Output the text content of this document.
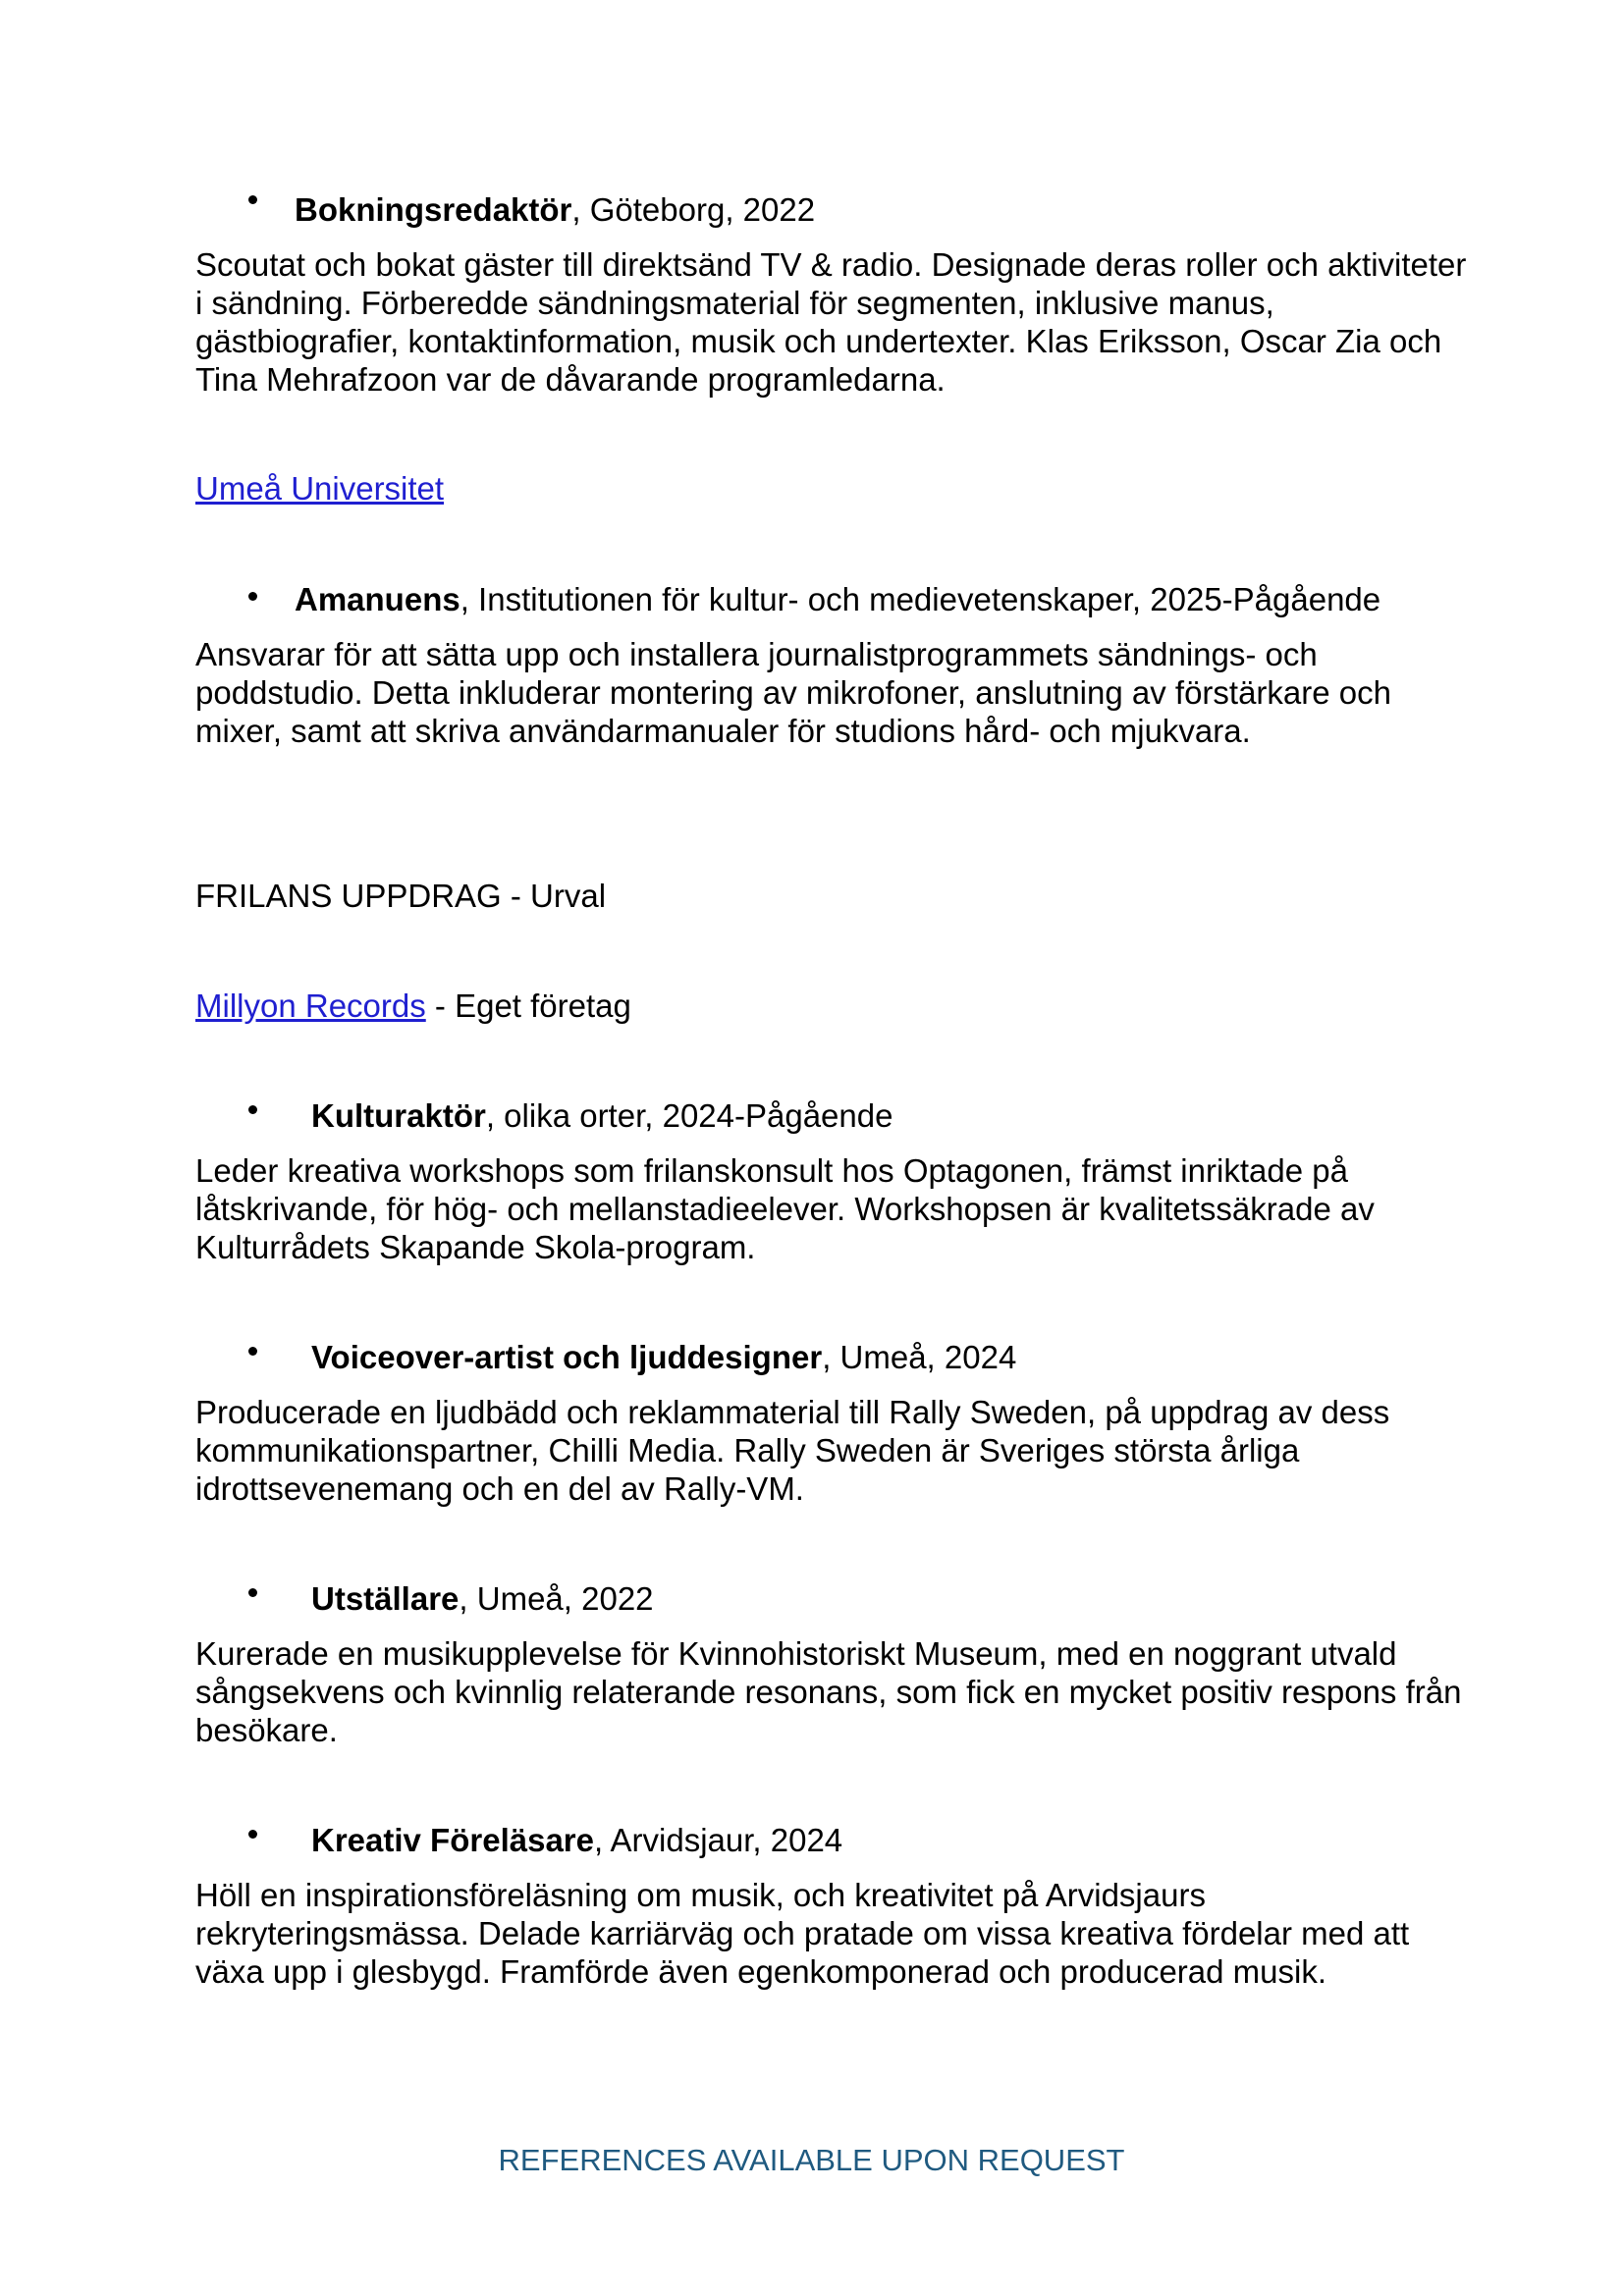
Bokningsredaktör, Göteborg, 2022
Scoutat och bokat gäster till direktsänd TV & radio. Designade deras roller och aktiviteter i sändning. Förberedde sändningsmaterial för segmenten, inklusive manus, gästbiografier, kontaktinformation, musik och undertexter. Klas Eriksson, Oscar Zia och Tina Mehrafzoon var de dåvarande programledarna.
Umeå Universitet
Amanuens, Institutionen för kultur- och medievetenskaper, 2025-Pågående
Ansvarar för att sätta upp och installera journalistprogrammets sändnings- och poddstudio. Detta inkluderar montering av mikrofoner, anslutning av förstärkare och mixer, samt att skriva användarmanualer för studions hård- och mjukvara.
FRILANS UPPDRAG - Urval
Millyon Records - Eget företag
Kulturaktör, olika orter, 2024-Pågående
Leder kreativa workshops som frilanskonsult hos Optagonen, främst inriktade på låtskrivande, för hög- och mellanstadieelever. Workshopsen är kvalitetssäkrade av Kulturrådets Skapande Skola-program.
Voiceover-artist och ljuddesigner, Umeå, 2024
Producerade en ljudbädd och reklammaterial till Rally Sweden, på uppdrag av dess kommunikationspartner, Chilli Media. Rally Sweden är Sveriges största årliga idrottsevenemang och en del av Rally-VM.
Utställare, Umeå, 2022
Kurerade en musikupplevelse för Kvinnohistoriskt Museum, med en noggrant utvald sångsekvens och kvinnlig relaterande resonans, som fick en mycket positiv respons från besökare.
Kreativ Föreläsare, Arvidsjaur, 2024
Höll en inspirationsföreläsning om musik, och kreativitet på Arvidsjaurs rekryteringsmässa. Delade karriärväg och pratade om vissa kreativa fördelar med att växa upp i glesbygd. Framförde även egenkomponerad och producerad musik.
REFERENCES AVAILABLE UPON REQUEST
